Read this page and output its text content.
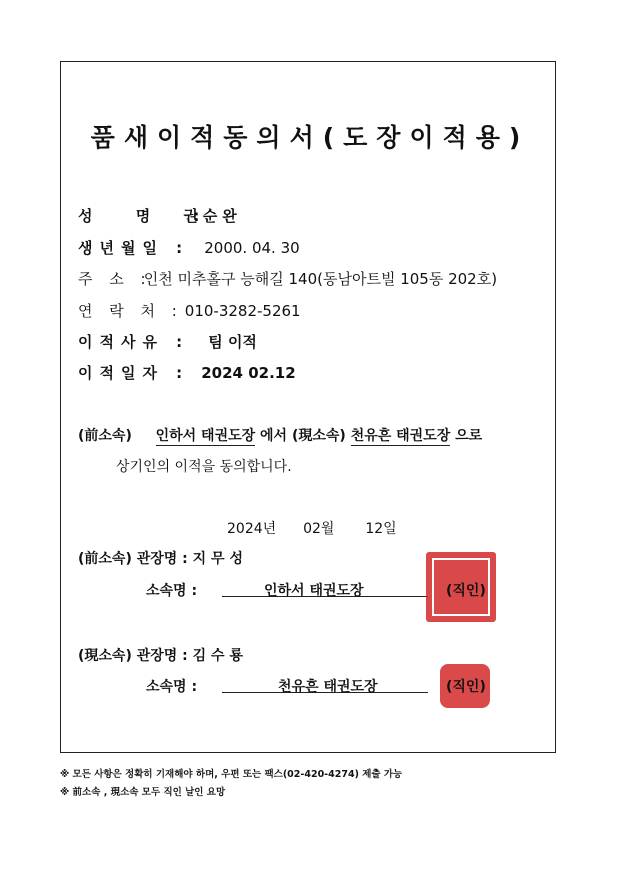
품새이적동의서(도장이적용)
성 명 : 권순완
생년월일 : 2000. 04. 30
주 소 : 인천 미추홀구 능해길 140(동남아트빌 105동 202호)
연 락 처 : 010-3282-5261
이적사유 : 팀 이적
이적일자 : 2024 02.12
(前소속) 인하서 태권도장 에서 (現소속) 천유흔 태권도장 으로
상기인의 이적을 동의합니다.
2024년 02월 12일
(前소속) 관장명 : 지 무 성
소속명 :	인하서 태권도장	(직인)
(現소속) 관장명 : 김 수 룡
소속명 :	천유흔 태권도장	(직인)
※ 모든 사항은 정확히 기재해야 하며, 우편 또는 팩스(02-420-4274) 제출 가능
※ 前소속 , 現소속 모두 직인 날인 요망
